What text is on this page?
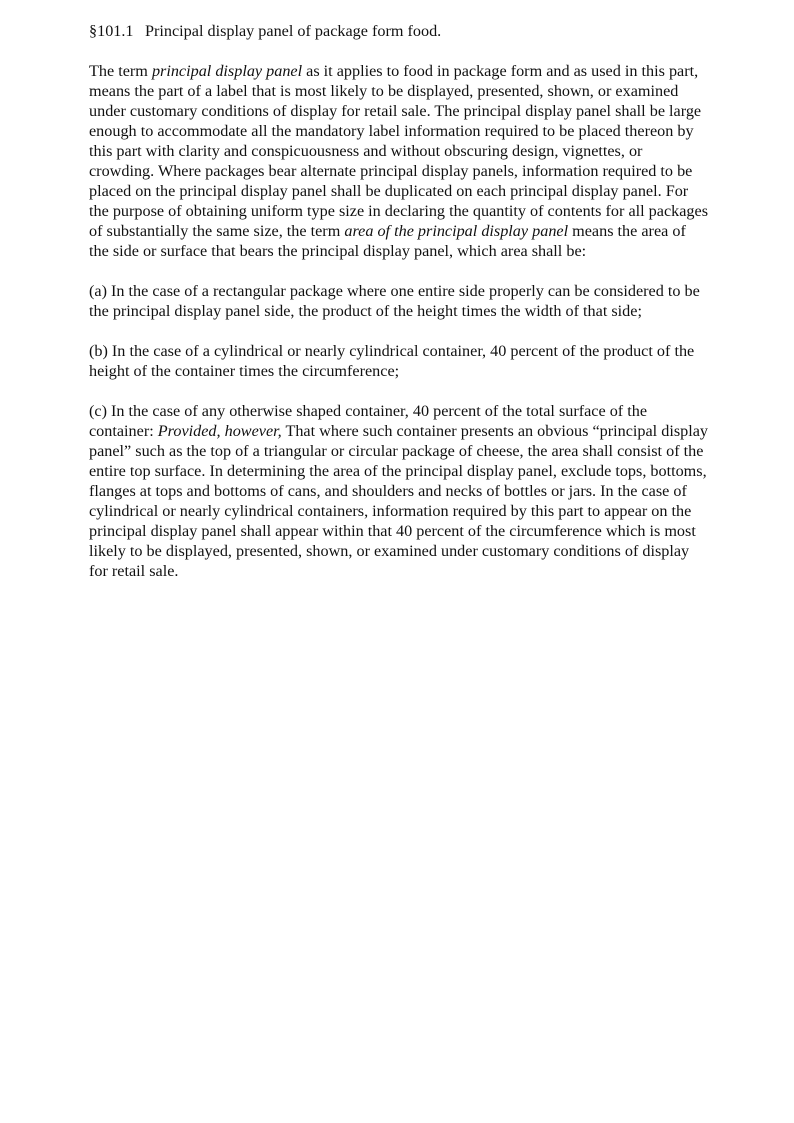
§101.1 Principal display panel of package form food.

The term principal display panel as it applies to food in package form and as used in this part, means the part of a label that is most likely to be displayed, presented, shown, or examined under customary conditions of display for retail sale. The principal display panel shall be large enough to accommodate all the mandatory label information required to be placed thereon by this part with clarity and conspicuousness and without obscuring design, vignettes, or crowding. Where packages bear alternate principal display panels, information required to be placed on the principal display panel shall be duplicated on each principal display panel. For the purpose of obtaining uniform type size in declaring the quantity of contents for all packages of substantially the same size, the term area of the principal display panel means the area of the side or surface that bears the principal display panel, which area shall be:

(a) In the case of a rectangular package where one entire side properly can be considered to be the principal display panel side, the product of the height times the width of that side;

(b) In the case of a cylindrical or nearly cylindrical container, 40 percent of the product of the height of the container times the circumference;

(c) In the case of any otherwise shaped container, 40 percent of the total surface of the container: Provided, however, That where such container presents an obvious “principal display panel” such as the top of a triangular or circular package of cheese, the area shall consist of the entire top surface. In determining the area of the principal display panel, exclude tops, bottoms, flanges at tops and bottoms of cans, and shoulders and necks of bottles or jars. In the case of cylindrical or nearly cylindrical containers, information required by this part to appear on the principal display panel shall appear within that 40 percent of the circumference which is most likely to be displayed, presented, shown, or examined under customary conditions of display for retail sale.
